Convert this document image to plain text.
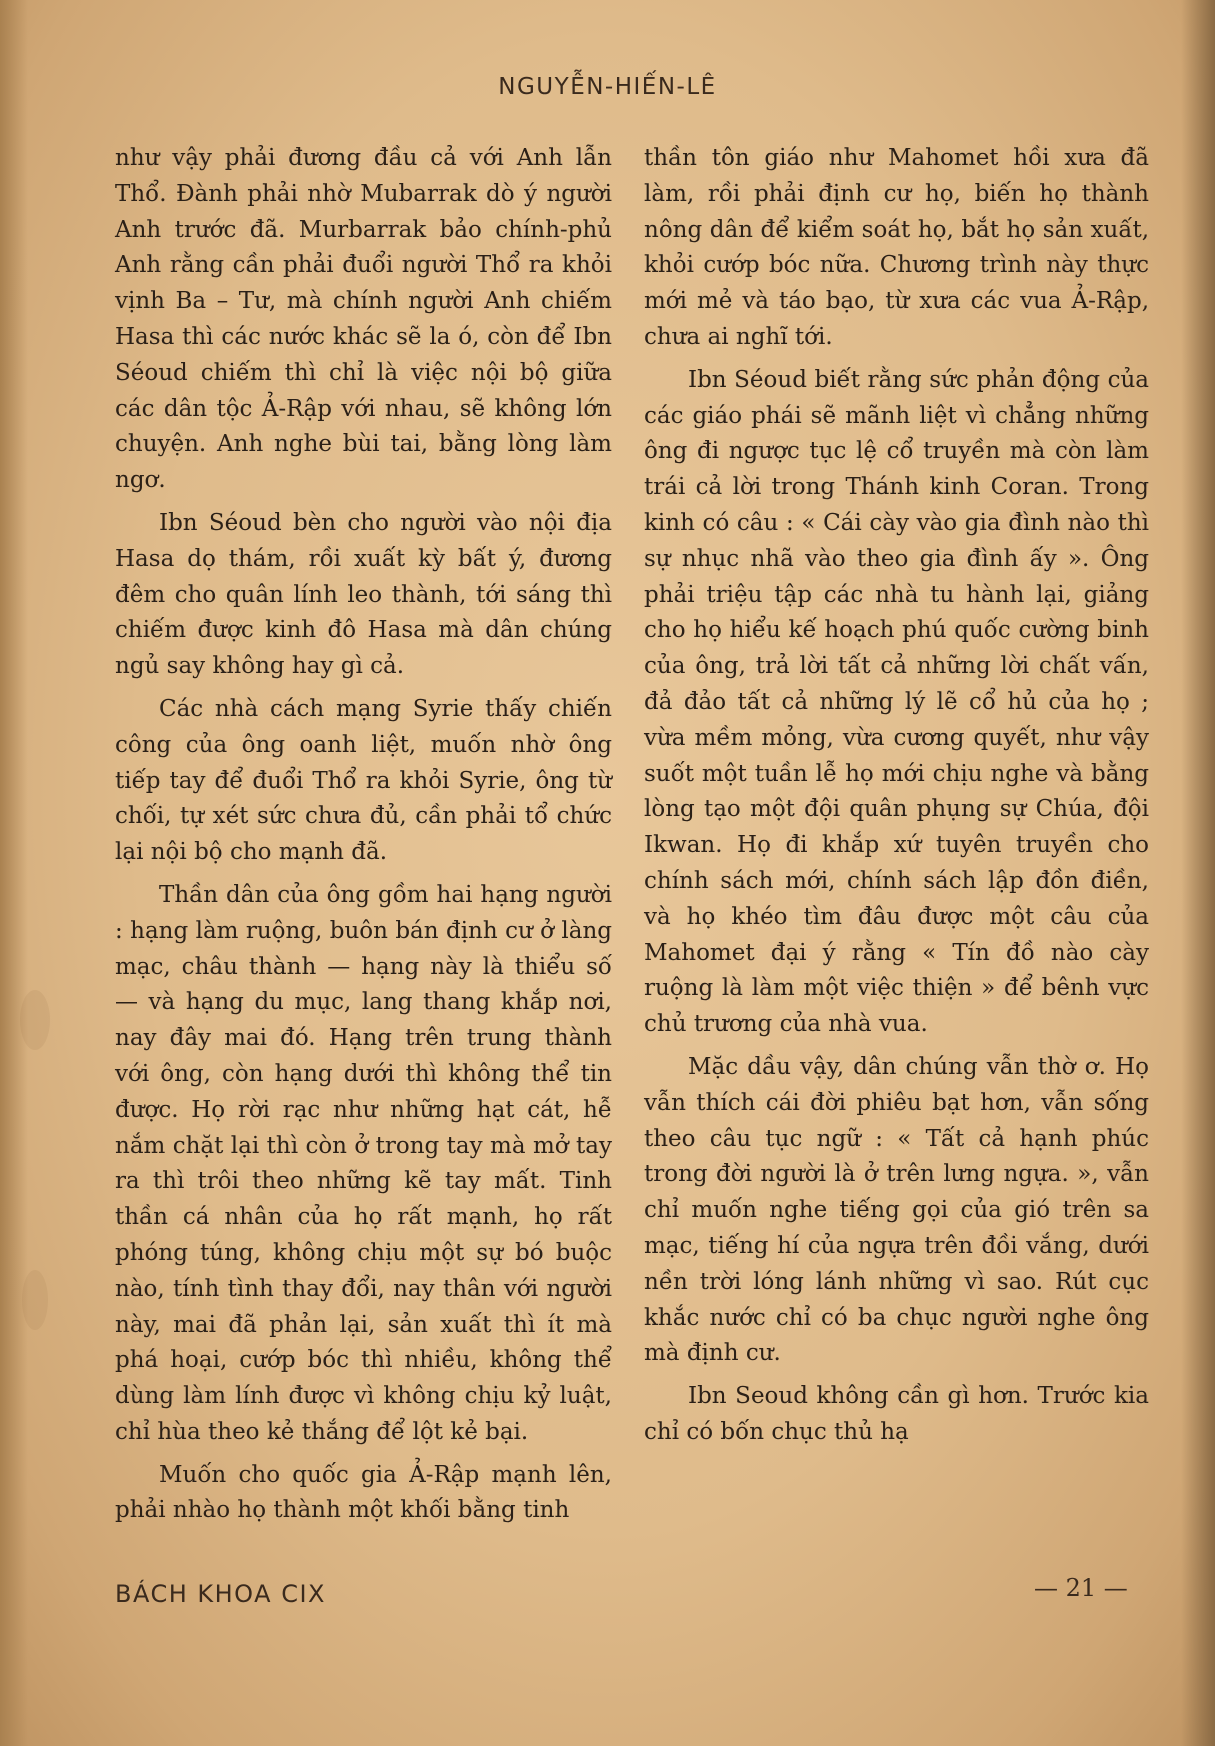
NGUYỄN-HIẾN-LÊ

như vậy phải đương đầu cả với Anh lẫn Thổ. Đành phải nhờ Mubarrak dò ý người Anh trước đã. Murbarrak bảo chính-phủ Anh rằng cần phải đuổi người Thổ ra khỏi vịnh Ba – Tư, mà chính người Anh chiếm Hasa thì các nước khác sẽ la ó, còn để Ibn Séoud chiếm thì chỉ là việc nội bộ giữa các dân tộc Ả-Rập với nhau, sẽ không lớn chuyện. Anh nghe bùi tai, bằng lòng làm ngơ.

Ibn Séoud bèn cho người vào nội địa Hasa dọ thám, rồi xuất kỳ bất ý, đương đêm cho quân lính leo thành, tới sáng thì chiếm được kinh đô Hasa mà dân chúng ngủ say không hay gì cả.

Các nhà cách mạng Syrie thấy chiến công của ông oanh liệt, muốn nhờ ông tiếp tay để đuổi Thổ ra khỏi Syrie, ông từ chối, tự xét sức chưa đủ, cần phải tổ chức lại nội bộ cho mạnh đã.

Thần dân của ông gồm hai hạng người : hạng làm ruộng, buôn bán định cư ở làng mạc, châu thành — hạng này là thiểu số — và hạng du mục, lang thang khắp nơi, nay đây mai đó. Hạng trên trung thành với ông, còn hạng dưới thì không thể tin được. Họ rời rạc như những hạt cát, hễ nắm chặt lại thì còn ở trong tay mà mở tay ra thì trôi theo những kẽ tay mất. Tinh thần cá nhân của họ rất mạnh, họ rất phóng túng, không chịu một sự bó buộc nào, tính tình thay đổi, nay thân với người này, mai đã phản lại, sản xuất thì ít mà phá hoại, cướp bóc thì nhiều, không thể dùng làm lính được vì không chịu kỷ luật, chỉ hùa theo kẻ thắng để lột kẻ bại.

Muốn cho quốc gia Ả-Rập mạnh lên, phải nhào họ thành một khối bằng tinh

thần tôn giáo như Mahomet hồi xưa đã làm, rồi phải định cư họ, biến họ thành nông dân để kiểm soát họ, bắt họ sản xuất, khỏi cướp bóc nữa. Chương trình này thực mới mẻ và táo bạo, từ xưa các vua Ả-Rập, chưa ai nghĩ tới.

Ibn Séoud biết rằng sức phản động của các giáo phái sẽ mãnh liệt vì chẳng những ông đi ngược tục lệ cổ truyền mà còn làm trái cả lời trong Thánh kinh Coran. Trong kinh có câu : « Cái cày vào gia đình nào thì sự nhục nhã vào theo gia đình ấy ». Ông phải triệu tập các nhà tu hành lại, giảng cho họ hiểu kế hoạch phú quốc cường binh của ông, trả lời tất cả những lời chất vấn, đả đảo tất cả những lý lẽ cổ hủ của họ ; vừa mềm mỏng, vừa cương quyết, như vậy suốt một tuần lễ họ mới chịu nghe và bằng lòng tạo một đội quân phụng sự Chúa, đội Ikwan. Họ đi khắp xứ tuyên truyền cho chính sách mới, chính sách lập đồn điền, và họ khéo tìm đâu được một câu của Mahomet đại ý rằng « Tín đồ nào cày ruộng là làm một việc thiện » để bênh vực chủ trương của nhà vua.

Mặc dầu vậy, dân chúng vẫn thờ ơ. Họ vẫn thích cái đời phiêu bạt hơn, vẫn sống theo câu tục ngữ : « Tất cả hạnh phúc trong đời người là ở trên lưng ngựa. », vẫn chỉ muốn nghe tiếng gọi của gió trên sa mạc, tiếng hí của ngựa trên đồi vắng, dưới nền trời lóng lánh những vì sao. Rút cục khắc nước chỉ có ba chục người nghe ông mà định cư.

Ibn Seoud không cần gì hơn. Trước kia chỉ có bốn chục thủ hạ

BÁCH KHOA CIX	— 21 —
